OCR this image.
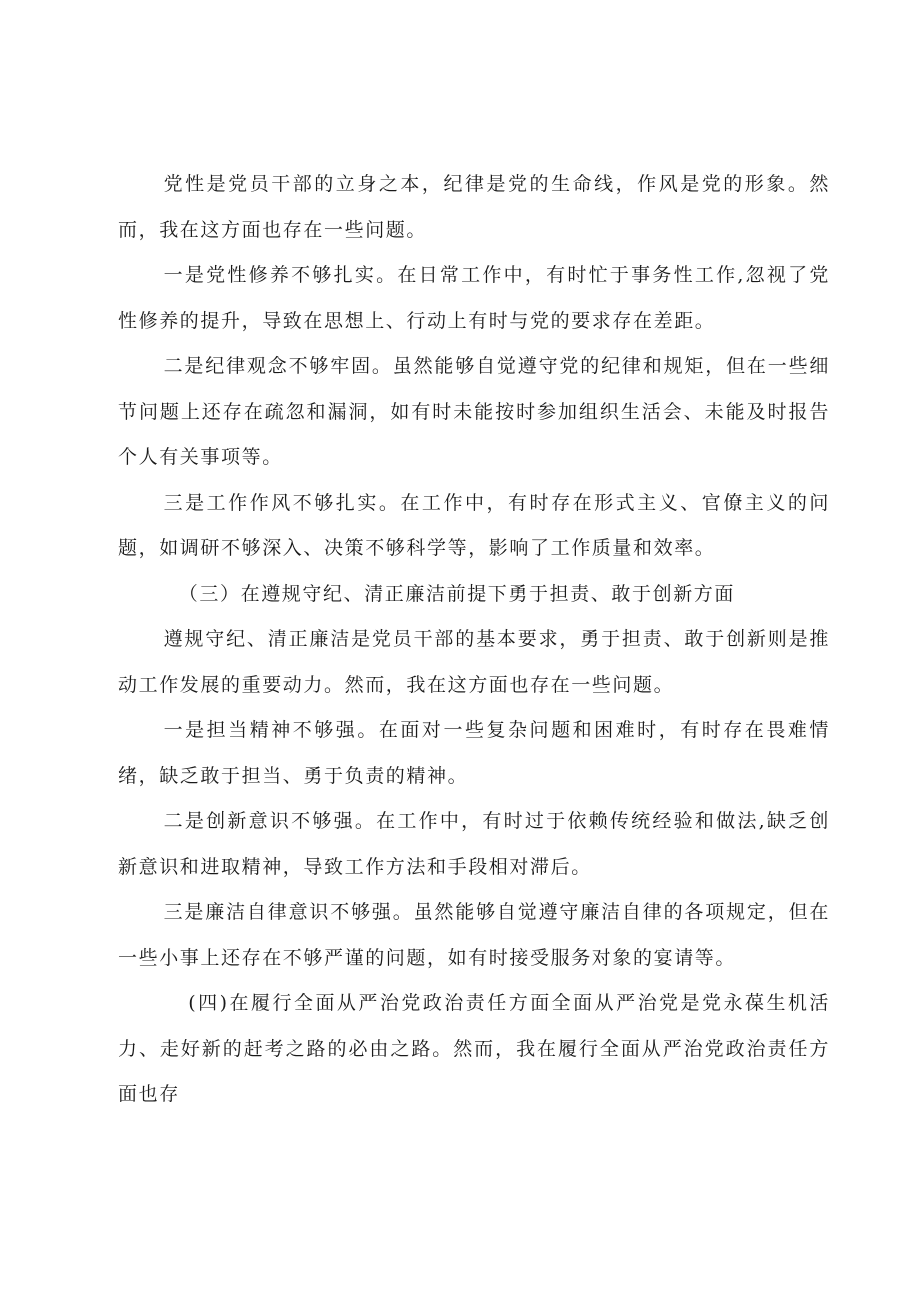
党性是党员干部的立身之本，纪律是党的生命线，作风是党的形象。然而，我在这方面也存在一些问题。

一是党性修养不够扎实。在日常工作中，有时忙于事务性工作,忽视了党性修养的提升，导致在思想上、行动上有时与党的要求存在差距。

二是纪律观念不够牢固。虽然能够自觉遵守党的纪律和规矩，但在一些细节问题上还存在疏忽和漏洞，如有时未能按时参加组织生活会、未能及时报告个人有关事项等。

三是工作作风不够扎实。在工作中，有时存在形式主义、官僚主义的问题，如调研不够深入、决策不够科学等，影响了工作质量和效率。

（三）在遵规守纪、清正廉洁前提下勇于担责、敢于创新方面

遵规守纪、清正廉洁是党员干部的基本要求，勇于担责、敢于创新则是推动工作发展的重要动力。然而，我在这方面也存在一些问题。

一是担当精神不够强。在面对一些复杂问题和困难时，有时存在畏难情绪，缺乏敢于担当、勇于负责的精神。

二是创新意识不够强。在工作中，有时过于依赖传统经验和做法,缺乏创新意识和进取精神，导致工作方法和手段相对滞后。

三是廉洁自律意识不够强。虽然能够自觉遵守廉洁自律的各项规定，但在一些小事上还存在不够严谨的问题，如有时接受服务对象的宴请等。

(四)在履行全面从严治党政治责任方面全面从严治党是党永葆生机活力、走好新的赶考之路的必由之路。然而，我在履行全面从严治党政治责任方面也存
